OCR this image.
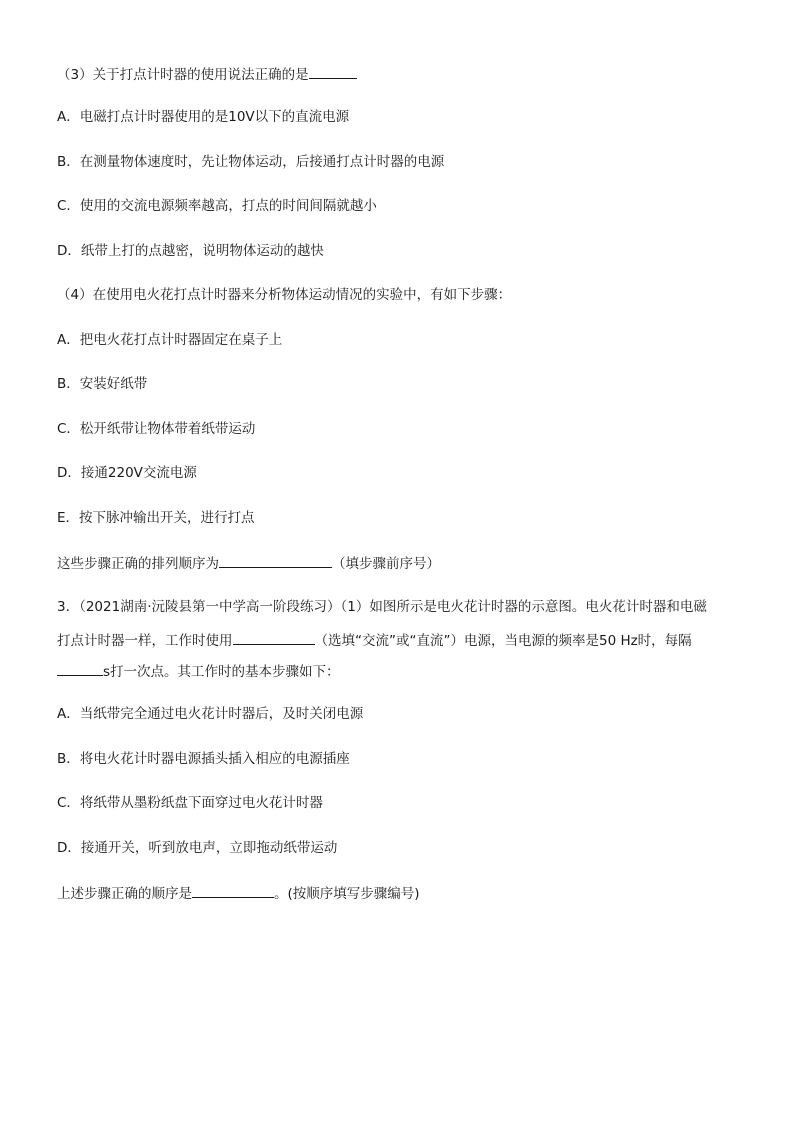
（3）关于打点计时器的使用说法正确的是
A．电磁打点计时器使用的是10V以下的直流电源
B．在测量物体速度时，先让物体运动，后接通打点计时器的电源
C．使用的交流电源频率越高，打点的时间间隔就越小
D．纸带上打的点越密，说明物体运动的越快
（4）在使用电火花打点计时器来分析物体运动情况的实验中，有如下步骤：
A．把电火花打点计时器固定在桌子上
B．安装好纸带
C．松开纸带让物体带着纸带运动
D．接通220V交流电源
E．按下脉冲输出开关，进行打点
这些步骤正确的排列顺序为	（填步骤前序号）
3．（2021湖南·沅陵县第一中学高一阶段练习）（1）如图所示是电火花计时器的示意图。电火花计时器和电磁
打点计时器一样，工作时使用	（选填“交流”或“直流”）电源，当电源的频率是50 Hz时，每隔
s打一次点。其工作时的基本步骤如下：
A．当纸带完全通过电火花计时器后，及时关闭电源
B．将电火花计时器电源插头插入相应的电源插座
C．将纸带从墨粉纸盘下面穿过电火花计时器
D．接通开关，听到放电声，立即拖动纸带运动
上述步骤正确的顺序是	。(按顺序填写步骤编号)
